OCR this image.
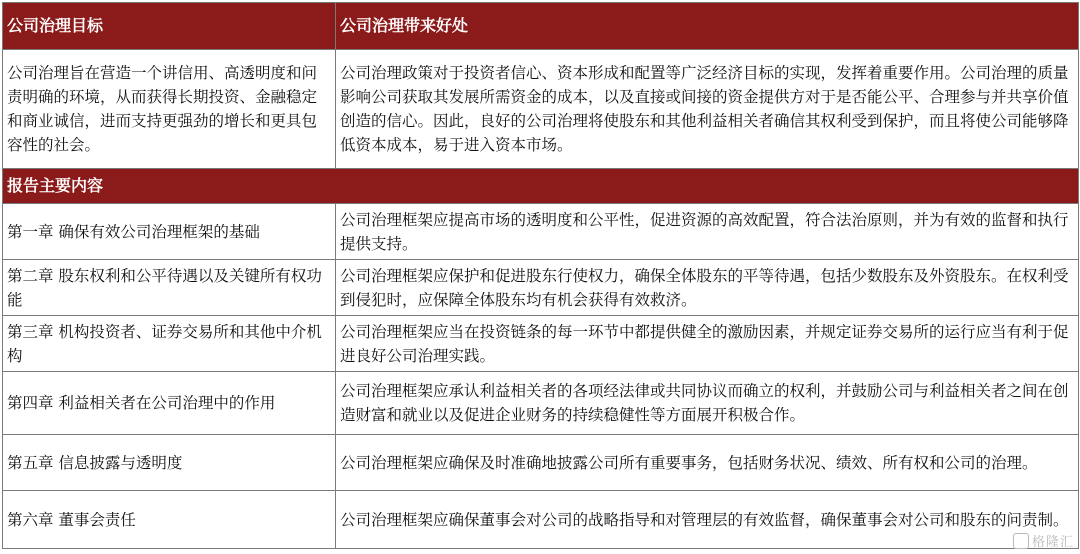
公司治理目标	公司治理带来好处
公司治理旨在营造一个讲信用、高透明度和问责明确的环境，从而获得长期投资、金融稳定和商业诚信，进而支持更强劲的增长和更具包容性的社会。	公司治理政策对于投资者信心、资本形成和配置等广泛经济目标的实现，发挥着重要作用。公司治理的质量影响公司获取其发展所需资金的成本，以及直接或间接的资金提供方对于是否能公平、合理参与并共享价值创造的信心。因此，良好的公司治理将使股东和其他利益相关者确信其权利受到保护，而且将使公司能够降低资本成本，易于进入资本市场。
报告主要内容	
第一章 确保有效公司治理框架的基础	公司治理框架应提高市场的透明度和公平性，促进资源的高效配置，符合法治原则，并为有效的监督和执行提供支持。
第二章 股东权利和公平待遇以及关键所有权功能	公司治理框架应保护和促进股东行使权力，确保全体股东的平等待遇，包括少数股东及外资股东。在权利受到侵犯时，应保障全体股东均有机会获得有效救济。
第三章 机构投资者、证券交易所和其他中介机构	公司治理框架应当在投资链条的每一环节中都提供健全的激励因素，并规定证券交易所的运行应当有利于促进良好公司治理实践。
第四章 利益相关者在公司治理中的作用	公司治理框架应承认利益相关者的各项经法律或共同协议而确立的权利，并鼓励公司与利益相关者之间在创造财富和就业以及促进企业财务的持续稳健性等方面展开积极合作。
第五章 信息披露与透明度	公司治理框架应确保及时准确地披露公司所有重要事务，包括财务状况、绩效、所有权和公司的治理。
第六章 董事会责任	公司治理框架应确保董事会对公司的战略指导和对管理层的有效监督，确保董事会对公司和股东的问责制。
格隆汇
